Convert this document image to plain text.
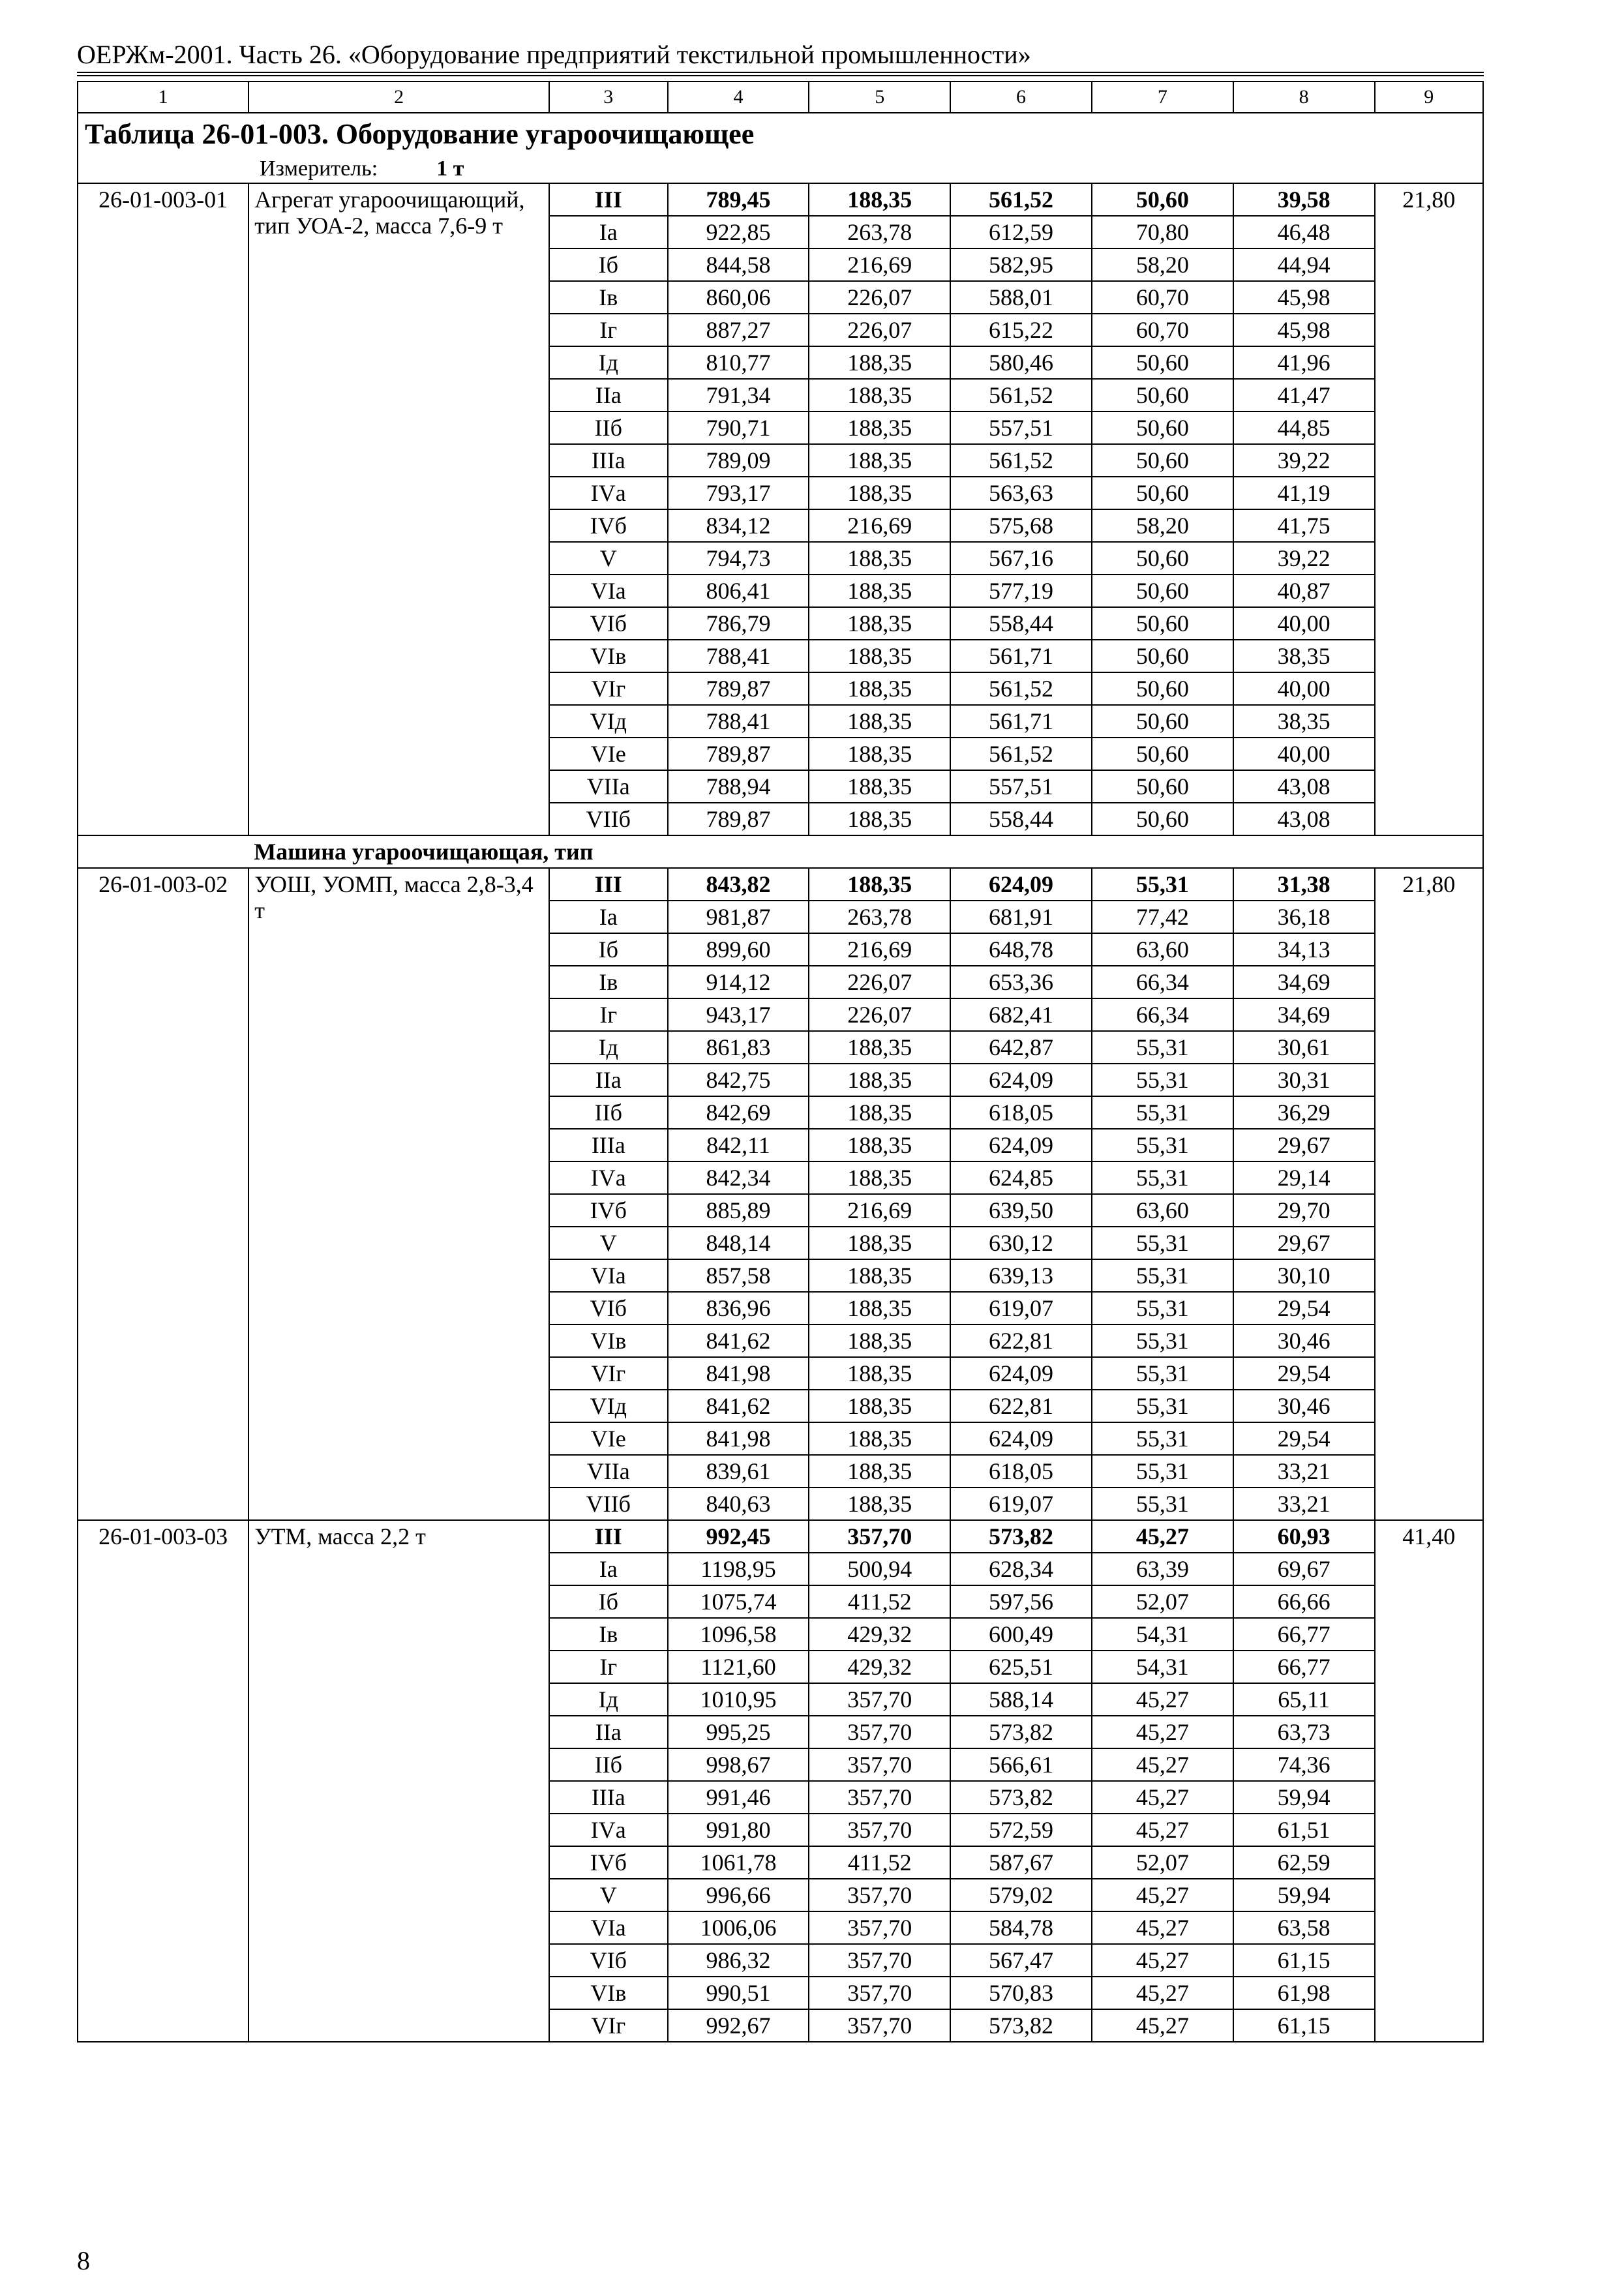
ОЕРЖм-2001. Часть 26. «Оборудование предприятий текстильной промышленности»
1	2	3	4	5	6	7	8	9
Таблица 26-01-003. Оборудование угароочищающее								
Измеритель: 1 т								
26-01-003-01	Агрегат угароочищающий, тип УОА-2, масса 7,6-9 т	III	789,45	188,35	561,52	50,60	39,58	21,80
		Iа	922,85	263,78	612,59	70,80	46,48	
		Iб	844,58	216,69	582,95	58,20	44,94	
		Iв	860,06	226,07	588,01	60,70	45,98	
		Iг	887,27	226,07	615,22	60,70	45,98	
		Iд	810,77	188,35	580,46	50,60	41,96	
		IIа	791,34	188,35	561,52	50,60	41,47	
		IIб	790,71	188,35	557,51	50,60	44,85	
		IIIа	789,09	188,35	561,52	50,60	39,22	
		IVа	793,17	188,35	563,63	50,60	41,19	
		IVб	834,12	216,69	575,68	58,20	41,75	
		V	794,73	188,35	567,16	50,60	39,22	
		VIа	806,41	188,35	577,19	50,60	40,87	
		VIб	786,79	188,35	558,44	50,60	40,00	
		VIв	788,41	188,35	561,71	50,60	38,35	
		VIг	789,87	188,35	561,52	50,60	40,00	
		VIд	788,41	188,35	561,71	50,60	38,35	
		VIе	789,87	188,35	561,52	50,60	40,00	
		VIIа	788,94	188,35	557,51	50,60	43,08	
		VIIб	789,87	188,35	558,44	50,60	43,08	
	Машина угароочищающая, тип							
26-01-003-02	УОШ, УОМП, масса 2,8-3,4 т	III	843,82	188,35	624,09	55,31	31,38	21,80
		Iа	981,87	263,78	681,91	77,42	36,18	
		Iб	899,60	216,69	648,78	63,60	34,13	
		Iв	914,12	226,07	653,36	66,34	34,69	
		Iг	943,17	226,07	682,41	66,34	34,69	
		Iд	861,83	188,35	642,87	55,31	30,61	
		IIа	842,75	188,35	624,09	55,31	30,31	
		IIб	842,69	188,35	618,05	55,31	36,29	
		IIIа	842,11	188,35	624,09	55,31	29,67	
		IVа	842,34	188,35	624,85	55,31	29,14	
		IVб	885,89	216,69	639,50	63,60	29,70	
		V	848,14	188,35	630,12	55,31	29,67	
		VIа	857,58	188,35	639,13	55,31	30,10	
		VIб	836,96	188,35	619,07	55,31	29,54	
		VIв	841,62	188,35	622,81	55,31	30,46	
		VIг	841,98	188,35	624,09	55,31	29,54	
		VIд	841,62	188,35	622,81	55,31	30,46	
		VIе	841,98	188,35	624,09	55,31	29,54	
		VIIа	839,61	188,35	618,05	55,31	33,21	
		VIIб	840,63	188,35	619,07	55,31	33,21	
26-01-003-03	УТМ, масса 2,2 т	III	992,45	357,70	573,82	45,27	60,93	41,40
		Iа	1198,95	500,94	628,34	63,39	69,67	
		Iб	1075,74	411,52	597,56	52,07	66,66	
		Iв	1096,58	429,32	600,49	54,31	66,77	
		Iг	1121,60	429,32	625,51	54,31	66,77	
		Iд	1010,95	357,70	588,14	45,27	65,11	
		IIа	995,25	357,70	573,82	45,27	63,73	
		IIб	998,67	357,70	566,61	45,27	74,36	
		IIIа	991,46	357,70	573,82	45,27	59,94	
		IVа	991,80	357,70	572,59	45,27	61,51	
		IVб	1061,78	411,52	587,67	52,07	62,59	
		V	996,66	357,70	579,02	45,27	59,94	
		VIа	1006,06	357,70	584,78	45,27	63,58	
		VIб	986,32	357,70	567,47	45,27	61,15	
		VIв	990,51	357,70	570,83	45,27	61,98	
		VIг	992,67	357,70	573,82	45,27	61,15	
8
